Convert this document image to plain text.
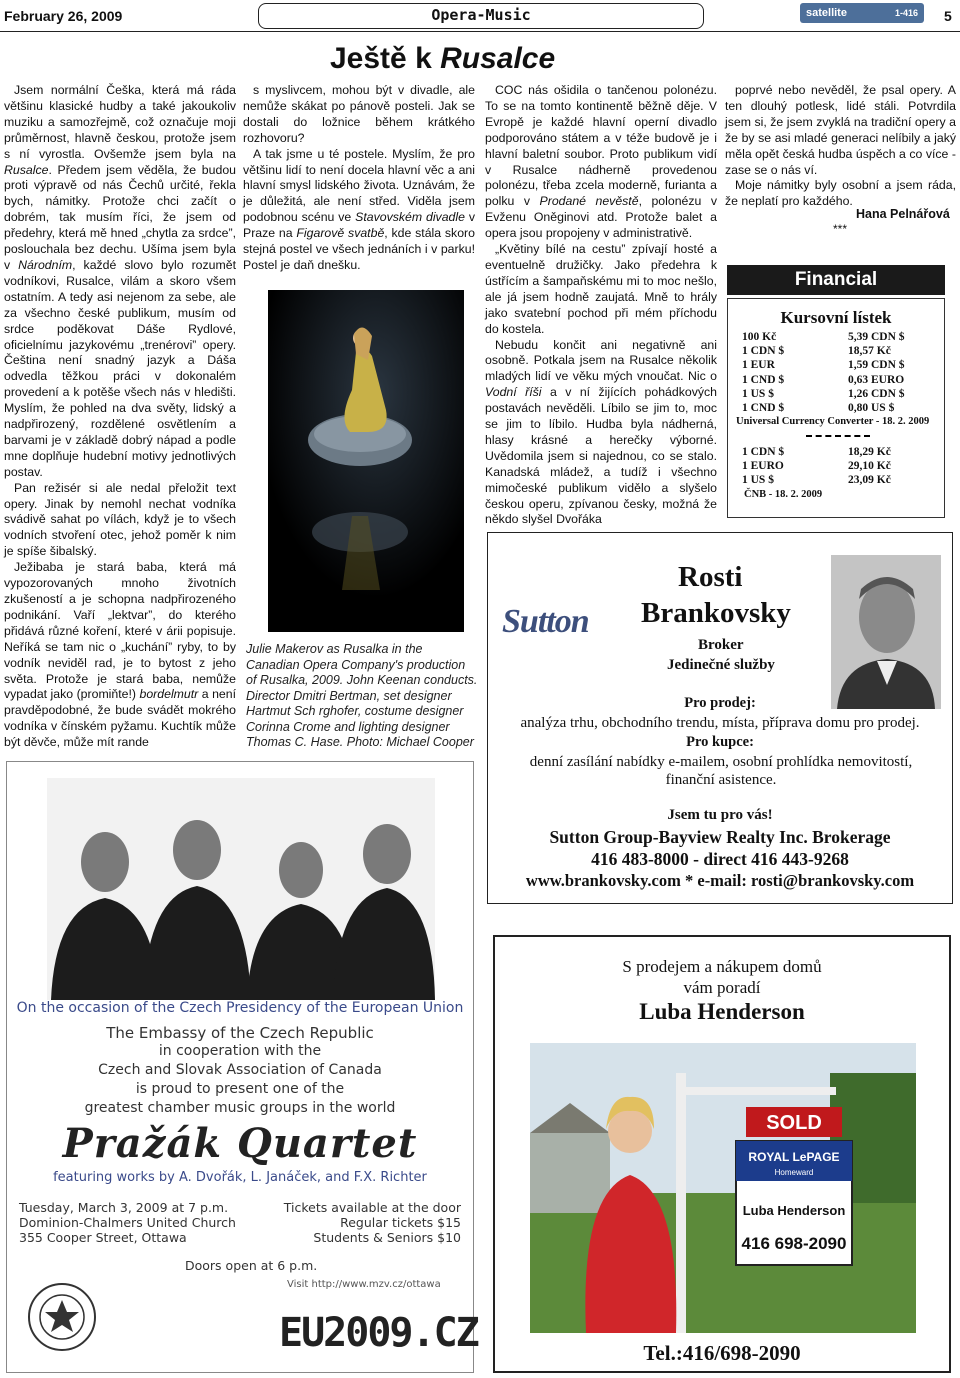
February 26, 2009	Opera-Music	satellite	1-416 5
Ještě k Rusalce

Jsem normální Češka, která má ráda většinu klasické hudby a také jakoukoliv muziku a samozřejmě, což označuje moji průměrnost, hlavně českou, protože jsem s ní vyrostla. Ovšemže jsem byla na Rusalce. Předem jsem věděla, že budou proti výpravě od nás Čechů určité, řekla bych, námitky. Protože chci začít o dobrém, tak musím říci, že jsem od předehry, která mě hned „chytla za srdce”, poslouchala bez dechu. Ušíma jsem byla v Národním, každé slovo bylo rozumět vodníkovi, Rusalce, vilám a skoro všem ostatním. A tedy asi nejenom za sebe, ale za všechno české publikum, musím od srdce poděkovat Dáše Rydlové, oficielnímu jazykovému „trenérovi” opery. Čeština není snadný jazyk a Dáša odvedla těžkou práci v dokonalém provedení a k potěše všech nás v hledišti. Myslím, že pohled na dva světy, lidský a nadpřirozený, rozdělené osvětlením a barvami je v základě dobrý nápad a podle mne doplňuje hudební motivy jednotlivých postav.

Pan režisér si ale nedal přeložit text opery. Jinak by nemohl nechat vodníka svádivě sahat po vílách, když je to všech vodních stvoření otec, jehož poměr k nim je spíše šibalský.

Ježibaba je stará baba, která má vypozorovaných mnoho životních zkušeností a je schopna nadpřirozeného podnikání. Vaří „lektvar”, do kterého přidává různé koření, které v árii popisuje. Neříká se tam nic o „kuchání” ryby, to by vodník neviděl rad, je to bytost z jeho světa. Protože je stará baba, nemůže vypadat jako (promiňte!) bordelmutr a není pravděpodobné, že bude svádět mokrého vodníka v čínském pyžamu. Kuchtík může být děvče, může mít rande

s myslivcem, mohou být v divadle, ale nemůže skákat po pánově posteli. Jak se dostali do ložnice během krátkého rozhovoru?

A tak jsme u té postele. Myslím, že pro většinu lidí to není docela hlavní věc a ani hlavní smysl lidského života. Uznávám, že je důležitá, ale není střed. Viděla jsem podobnou scénu ve Stavovském divadle v Praze na Figarově svatbě, kde stála skoro stejná postel ve všech jednáních i v parku! Postel je daň dnešku.

COC nás ošidila o tančenou polonézu. To se na tomto kontinentě běžně děje. V Evropě je každé hlavní operní divadlo podporováno státem a v téže budově je i hlavní baletní soubor. Proto publikum vidí v Rusalce nádherně provedenou polonézu, třeba zcela moderně, furianta a polku v Prodané nevěstě, polonézu v Evženu Oněginovi atd. Protože balet a opera jsou propojeny v administrativě.

„Květiny bílé na cestu” zpívají hosté a eventuelně družičky. Jako předehra k ústřícím a šampaňskému mi to moc nešlo, ale já jsem hodně zaujatá. Mně to hrály jako svatební pochod při mém příchodu do kostela.

Nebudu končit ani negativně ani osobně. Potkala jsem na Rusalce několik mladých lidí ve věku mých vnoučat. Nic o Vodní říši a v ní žijících pohádkových postavách nevěděli. Líbilo se jim to, moc se jim to líbilo. Hudba byla nádherná, hlasy krásné a herečky výborné. Uvědomila jsem si najednou, co se stalo. Kanadská mládež, a tudíž i všechno mimočeské publikum vidělo a slyšelo českou operu, zpívanou česky, možná že někdo slyšel Dvořáka

poprvé nebo nevěděl, že psal opery. A ten dlouhý potlesk, lidé stáli. Potvrdila jsem si, že jsem zvyklá na tradiční opery a že by se asi mladé generaci nelíbily a jaký měla opět česká hudba úspěch a co více - zase se o nás ví.

Moje námitky byly osobní a jsem ráda, že neplatí pro každého.

Hana Pelnářová
***
Julie Makerov as Rusalka in the Canadian Opera Company's production of Rusalka, 2009. John Keenan conducts. Director Dmitri Bertman, set designer Hartmut Sch rghofer, costume designer Corinna Crome and lighting designer Thomas C. Hase. Photo: Michael Cooper
Financial
Kursovní lístek
100 Kč	5,39 CDN $
1 CDN $	18,57 Kč
1 EUR	1,59 CDN $
1 CND $	0,63 EURO
1 US $	1,26 CDN $
1 CND $	0,80 US $
Universal Currency Converter - 18. 2. 2009
1 CDN $	18,29 Kč
1 EURO	29,10 Kč
1 US $	23,09 Kč
ČNB - 18. 2. 2009
Sutton
Rosti
Brankovsky
Broker
Jedinečné služby
Pro prodej:
analýza trhu, obchodního trendu, místa, příprava domu pro prodej.
Pro kupce:
denní zasílání nabídky e-mailem, osobní prohlídka nemovitostí, finanční asistence.
Jsem tu pro vás!
Sutton Group-Bayview Realty Inc. Brokerage
416 483-8000 - direct 416 443-9268
www.brankovsky.com * e-mail: rosti@brankovsky.com
On the occasion of the Czech Presidency of the European Union
The Embassy of the Czech Republic
in cooperation with the
Czech and Slovak Association of Canada
is proud to present one of the
greatest chamber music groups in the world
Pražák Quartet
featuring works by A. Dvořák, L. Janáček, and F.X. Richter
Tuesday, March 3, 2009 at 7 p.m.
Dominion-Chalmers United Church
355 Cooper Street, Ottawa
Tickets available at the door
Regular tickets $15
Students & Seniors $10
Doors open at 6 p.m.
Visit http://www.mzv.cz/ottawa
EU2009.CZ
S prodejem a nákupem domů
vám poradí
Luba Henderson
SOLD
ROYAL LePAGE
Homeward
Luba Henderson
416 698-2090
Tel.:416/698-2090
